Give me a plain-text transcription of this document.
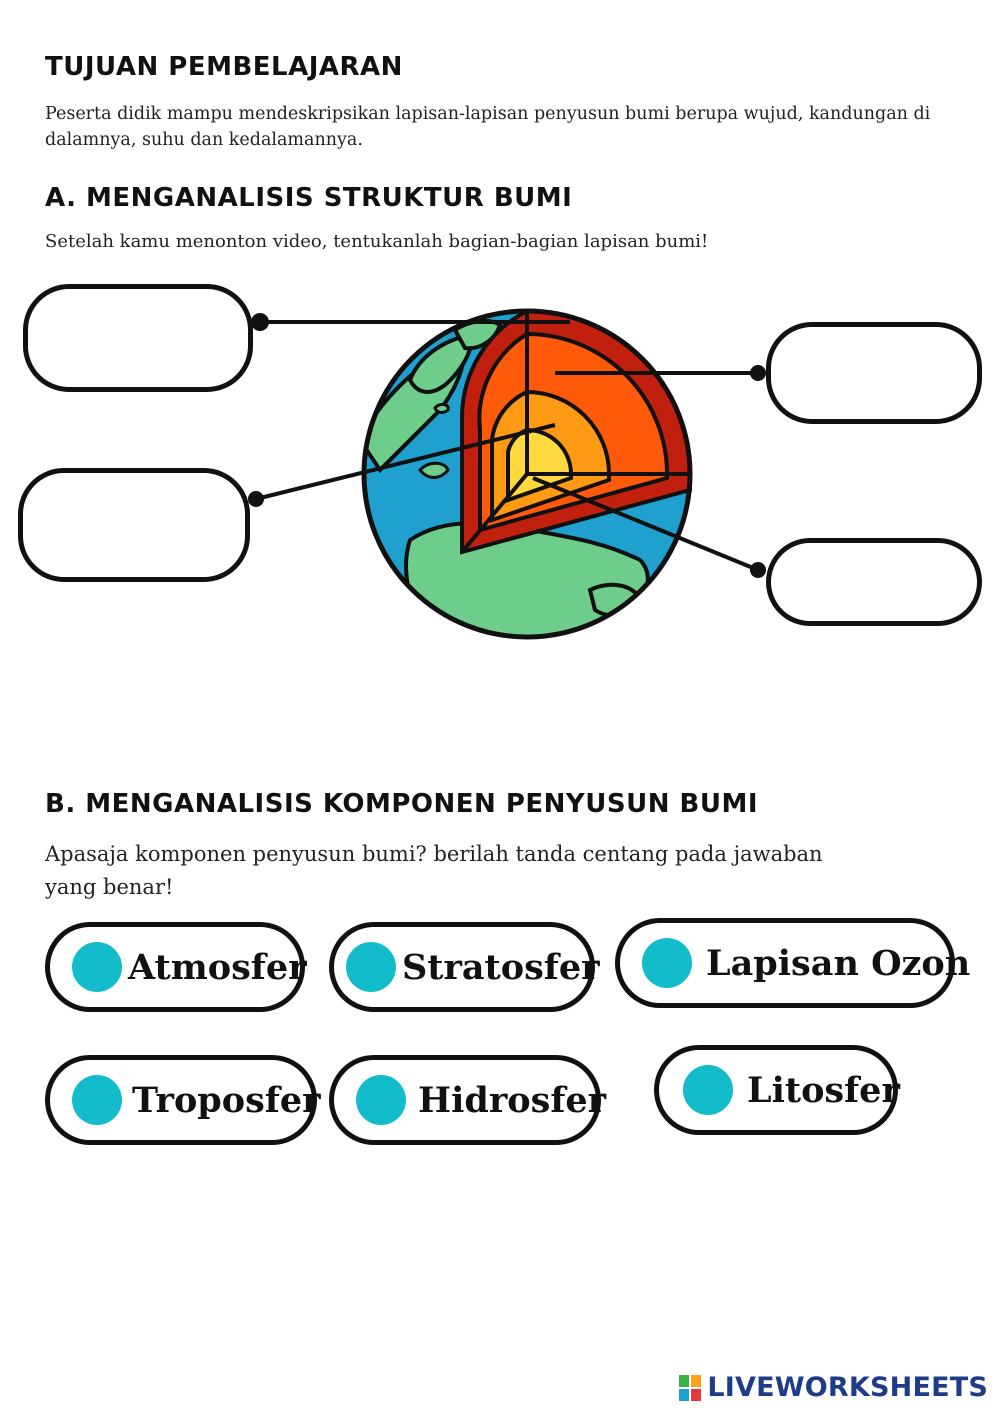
TUJUAN PEMBELAJARAN

Peserta didik mampu mendeskripsikan lapisan-lapisan penyusun bumi berupa wujud, kandungan di
dalamnya, suhu dan kedalamannya.

A. MENGANALISIS STRUKTUR BUMI

Setelah kamu menonton video, tentukanlah bagian-bagian lapisan bumi!

B. MENGANALISIS KOMPONEN PENYUSUN BUMI

Apasaja komponen penyusun bumi? berilah tanda centang pada jawaban
yang benar!

Atmosfer	Stratosfer	Lapisan Ozon
Troposfer	Hidrosfer	Litosfer
LIVEWORKSHEETS
